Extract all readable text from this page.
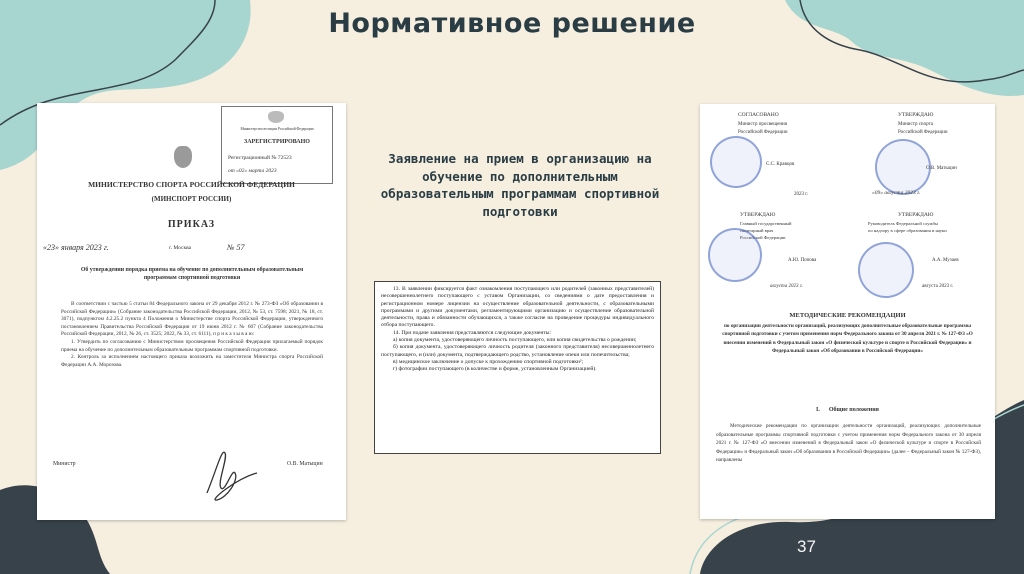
Нормативное решение
Министерство юстиции Российской Федерации
ЗАРЕГИСТРИРОВАНО
Регистрационный № 72523
от «02» марта 2023
МИНИСТЕРСТВО СПОРТА РОССИЙСКОЙ ФЕДЕРАЦИИ
(МИНСПОРТ РОССИИ)
ПРИКАЗ
«23» января 2023 г.	г. Москва	№ 57
Об утверждении порядка приема на обучение по дополнительным образовательным программам спортивной подготовки

В соответствии с частью 5 статьи 84 Федерального закона от 29 декабря 2012 г. № 273-ФЗ «Об образовании в Российской Федерации» (Собрание законодательства Российской Федерации, 2012, № 53, ст. 7598; 2021, № 18, ст. 3071), подпунктом 4.2.25.2 пункта 4 Положения о Министерстве спорта Российской Федерации, утвержденного постановлением Правительства Российской Федерации от 19 июня 2012 г. № 607 (Собрание законодательства Российской Федерации, 2012, № 26, ст. 3525; 2022, № 33, ст. 6111), п р и к а з ы в а ю:

1. Утвердить по согласованию с Министерством просвещения Российской Федерации прилагаемый порядок приема на обучение по дополнительным образовательным программам спортивной подготовки.

2. Контроль за исполнением настоящего приказа возложить на заместителя Министра спорта Российской Федерации А.А. Морозова.

Министр	О.В. Матыцин
Заявление на прием в организацию на обучение по дополнительным образовательным программам спортивной подготовки

13. В заявлении фиксируется факт ознакомления поступающего или родителей (законных представителей) несовершеннолетнего поступающего с уставом Организации, со сведениями о дате предоставления и регистрационном номере лицензии на осуществление образовательной деятельности, с образовательными программами и другими документами, регламентирующими организацию и осуществление образовательной деятельности, права и обязанности обучающихся, а также согласие на проведение процедуры индивидуального отбора поступающего.

14. При подаче заявления представляются следующие документы:

а) копия документа, удостоверяющего личность поступающего, или копия свидетельства о рождении;

б) копия документа, удостоверяющего личность родителя (законного представителя) несовершеннолетнего поступающего, и (или) документа, подтверждающего родство, установление опеки или попечительства;

в) медицинское заключение о допуске к прохождению спортивной подготовки²;

г) фотографии поступающего (в количестве и форме, установленным Организацией).

СОГЛАСОВАНО
Министр просвещения
Российской Федерации
С.С. Кравцов
2023 г.
УТВЕРЖДАЮ
Министр спорта
Российской Федерации
О.В. Матыцин
«09» августа 2023 г.
УТВЕРЖДАЮ
Главный государственный
санитарный врач
Российской Федерации
А.Ю. Попова
августа 2023 г.
УТВЕРЖДАЮ
Руководитель Федеральной службы
по надзору в сфере образования и науки
А.А. Музаев
августа 2023 г.
МЕТОДИЧЕСКИЕ РЕКОМЕНДАЦИИ
по организации деятельности организаций, реализующих дополнительные образовательные программы спортивной подготовки с учетом применения норм Федерального закона от 30 апреля 2021 г. № 127-ФЗ «О внесении изменений в Федеральный закон «О физической культуре и спорте в Российской Федерации» и Федеральный закон «Об образовании в Российской Федерации»
I.      Общие положения
Методические рекомендации по организации деятельности организаций, реализующих дополнительные образовательные программы спортивной подготовки с учетом применения норм Федерального закона от 30 апреля 2021 г. № 127-ФЗ «О внесении изменений в Федеральный закон «О физической культуре и спорте в Российской Федерации» и Федеральный закон «Об образовании в Российской Федерации» (далее – Федеральный закон № 127-ФЗ), направлены
37
